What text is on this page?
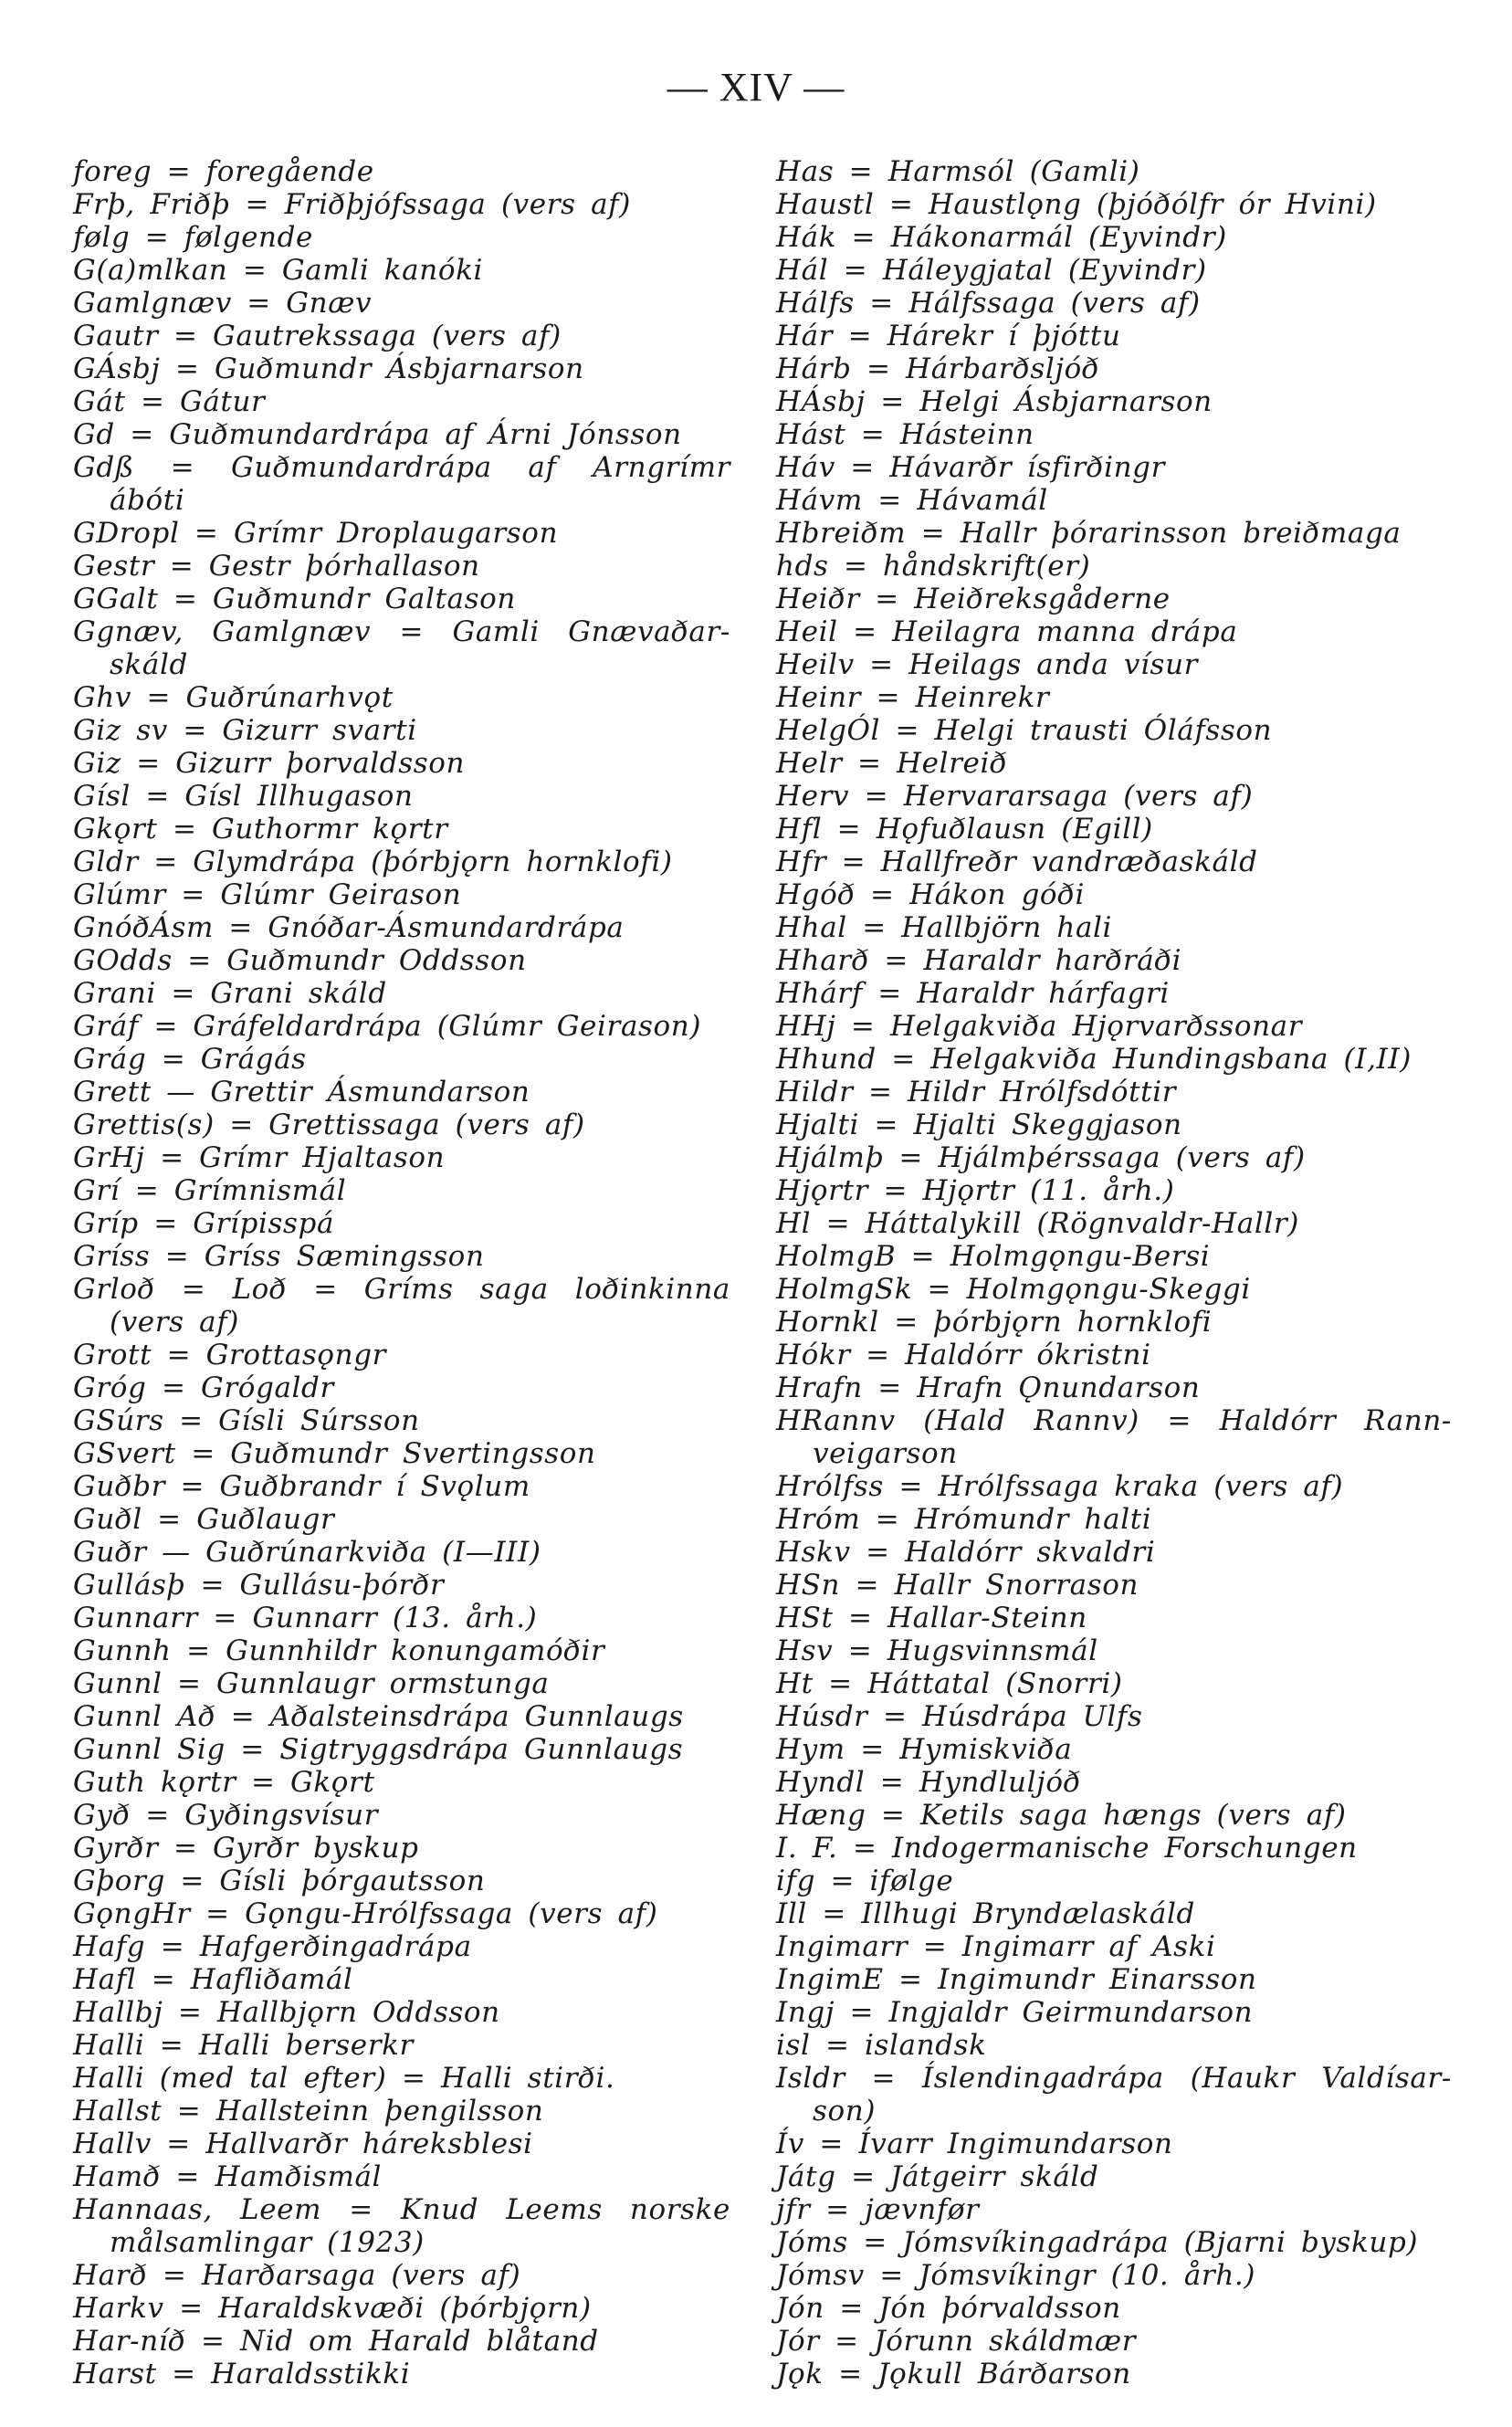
— XIV —
foreg = foregående
Frþ, Friðþ = Friðþjófssaga (vers af)
følg = følgende
G(a)mlkan = Gamli kanóki
Gamlgnæv = Gnæv
Gautr = Gautrekssaga (vers af)
GÁsbj = Guðmundr Ásbjarnarson
Gát = Gátur
Gd = Guðmundardrápa af Árni Jónsson
Gdß = Guðmundardrápa af Arngrímr
ábóti
GDropl = Grímr Droplaugarson
Gestr = Gestr þórhallason
GGalt = Guðmundr Galtason
Ggnæv, Gamlgnæv = Gamli Gnævaðar-
skáld
Ghv = Guðrúnarhvǫt
Giz sv = Gizurr svarti
Giz = Gizurr þorvaldsson
Gísl = Gísl Illhugason
Gkǫrt = Guthormr kǫrtr
Gldr = Glymdrápa (þórbjǫrn hornklofi)
Glúmr = Glúmr Geirason
GnóðÁsm = Gnóðar-Ásmundardrápa
GOdds = Guðmundr Oddsson
Grani = Grani skáld
Gráf = Gráfeldardrápa (Glúmr Geirason)
Grág = Grágás
Grett — Grettir Ásmundarson
Grettis(s) = Grettissaga (vers af)
GrHj = Grímr Hjaltason
Grí = Grímnismál
Gríp = Grípisspá
Gríss = Gríss Sæmingsson
Grloð = Loð = Gríms saga loðinkinna
(vers af)
Grott = Grottasǫngr
Gróg = Grógaldr
GSúrs = Gísli Súrsson
GSvert = Guðmundr Svertingsson
Guðbr = Guðbrandr í Svǫlum
Guðl = Guðlaugr
Guðr — Guðrúnarkviða (I—III)
Gullásþ = Gullásu-þórðr
Gunnarr = Gunnarr (13. årh.)
Gunnh = Gunnhildr konungamóðir
Gunnl = Gunnlaugr ormstunga
Gunnl Að = Aðalsteinsdrápa Gunnlaugs
Gunnl Sig = Sigtryggsdrápa Gunnlaugs
Guth kǫrtr = Gkǫrt
Gyð = Gyðingsvísur
Gyrðr = Gyrðr byskup
Gþorg = Gísli þórgautsson
GǫngHr = Gǫngu-Hrólfssaga (vers af)
Hafg = Hafgerðingadrápa
Hafl = Hafliðamál
Hallbj = Hallbjǫrn Oddsson
Halli = Halli berserkr
Halli (med tal efter) = Halli stirði.
Hallst = Hallsteinn þengilsson
Hallv = Hallvarðr háreksblesi
Hamð = Hamðismál
Hannaas, Leem = Knud Leems norske
målsamlingar (1923)
Harð = Harðarsaga (vers af)
Harkv = Haraldskvæði (þórbjǫrn)
Har-níð = Nid om Harald blåtand
Harst = Haraldsstikki
Has = Harmsól (Gamli)
Haustl = Haustlǫng (þjóðólfr ór Hvini)
Hák = Hákonarmál (Eyvindr)
Hál = Háleygjatal (Eyvindr)
Hálfs = Hálfssaga (vers af)
Hár = Hárekr í þjóttu
Hárb = Hárbarðsljóð
HÁsbj = Helgi Ásbjarnarson
Hást = Hásteinn
Háv = Hávarðr ísfirðingr
Hávm = Hávamál
Hbreiðm = Hallr þórarinsson breiðmaga
hds = håndskrift(er)
Heiðr = Heiðreksgåderne
Heil = Heilagra manna drápa
Heilv = Heilags anda vísur
Heinr = Heinrekr
HelgÓl = Helgi trausti Óláfsson
Helr = Helreið
Herv = Hervararsaga (vers af)
Hfl = Hǫfuðlausn (Egill)
Hfr = Hallfreðr vandræðaskáld
Hgóð = Hákon góði
Hhal = Hallbjörn hali
Hharð = Haraldr harðráði
Hhárf = Haraldr hárfagri
HHj = Helgakviða Hjǫrvarðssonar
Hhund = Helgakviða Hundingsbana (I,II)
Hildr = Hildr Hrólfsdóttir
Hjalti = Hjalti Skeggjason
Hjálmþ = Hjálmþérssaga (vers af)
Hjǫrtr = Hjǫrtr (11. årh.)
Hl = Háttalykill (Rögnvaldr-Hallr)
HolmgB = Holmgǫngu-Bersi
HolmgSk = Holmgǫngu-Skeggi
Hornkl = þórbjǫrn hornklofi
Hókr = Haldórr ókristni
Hrafn = Hrafn Ǫnundarson
HRannv (Hald Rannv) = Haldórr Rann-
veigarson
Hrólfss = Hrólfssaga kraka (vers af)
Hróm = Hrómundr halti
Hskv = Haldórr skvaldri
HSn = Hallr Snorrason
HSt = Hallar-Steinn
Hsv = Hugsvinnsmál
Ht = Háttatal (Snorri)
Húsdr = Húsdrápa Ulfs
Hym = Hymiskviða
Hyndl = Hyndluljóð
Hæng = Ketils saga hængs (vers af)
I. F. = Indogermanische Forschungen
ifg = ifølge
Ill = Illhugi Bryndælaskáld
Ingimarr = Ingimarr af Aski
IngimE = Ingimundr Einarsson
Ingj = Ingjaldr Geirmundarson
isl = islandsk
Isldr = Íslendingadrápa (Haukr Valdísar-
son)
Ív = Ívarr Ingimundarson
Játg = Játgeirr skáld
jfr = jævnfør
Jóms = Jómsvíkingadrápa (Bjarni byskup)
Jómsv = Jómsvíkingr (10. årh.)
Jón = Jón þórvaldsson
Jór = Jórunn skáldmær
Jǫk = Jǫkull Bárðarson
